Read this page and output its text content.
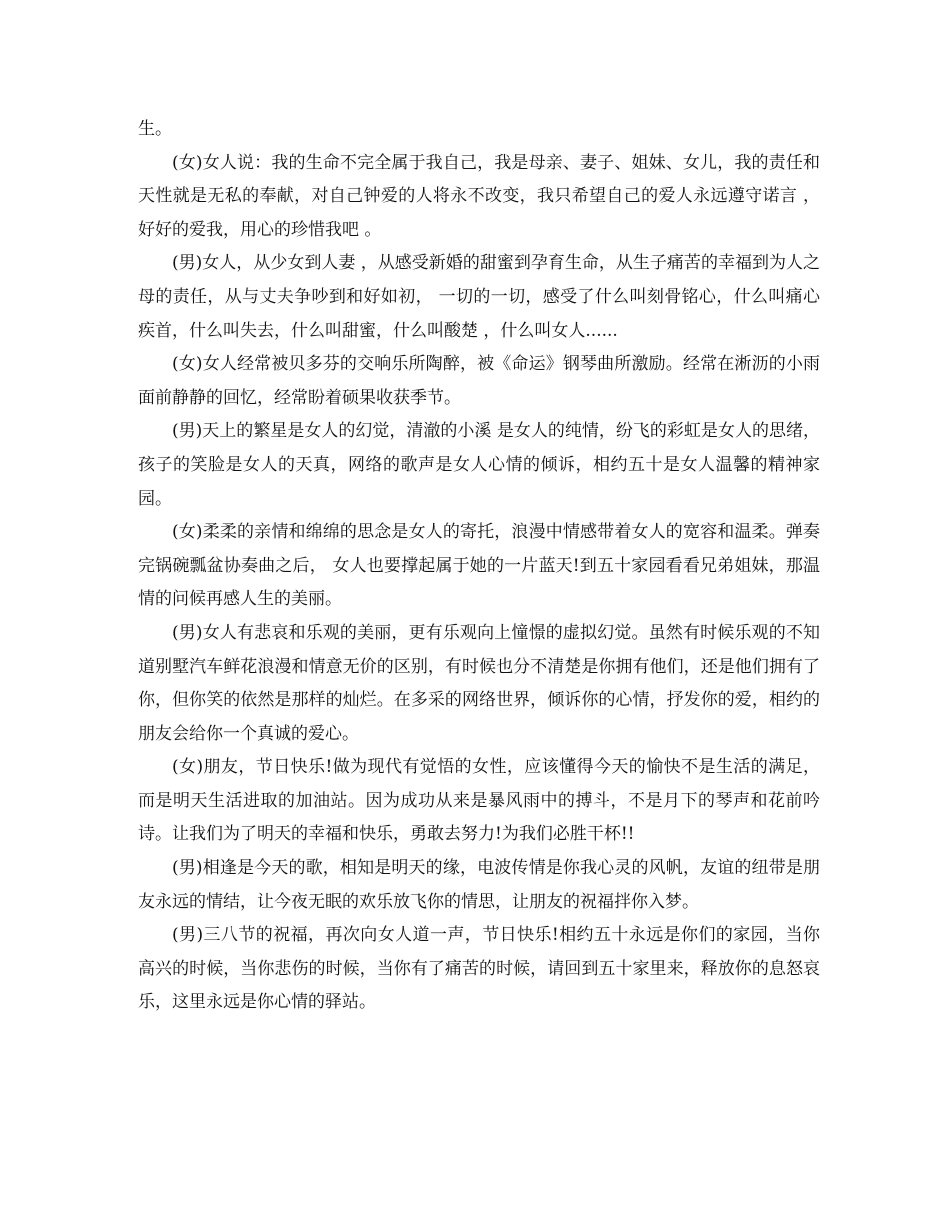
生。

(女)女人说：我的生命不完全属于我自己，我是母亲、妻子、姐妹、女儿，我的责任和天性就是无私的奉献，对自己钟爱的人将永不改变，我只希望自己的爱人永远遵守诺言 ，好好的爱我，用心的珍惜我吧 。

(男)女人，从少女到人妻 ，从感受新婚的甜蜜到孕育生命，从生子痛苦的幸福到为人之母的责任，从与丈夫争吵到和好如初， 一切的一切，感受了什么叫刻骨铭心，什么叫痛心疾首，什么叫失去，什么叫甜蜜，什么叫酸楚 ，什么叫女人......

(女)女人经常被贝多芬的交响乐所陶醉，被《命运》钢琴曲所激励。经常在淅沥的小雨面前静静的回忆，经常盼着硕果收获季节。

(男)天上的繁星是女人的幻觉，清澈的小溪 是女人的纯情，纷飞的彩虹是女人的思绪，孩子的笑脸是女人的天真，网络的歌声是女人心情的倾诉，相约五十是女人温馨的精神家园。

(女)柔柔的亲情和绵绵的思念是女人的寄托，浪漫中情感带着女人的宽容和温柔。弹奏完锅碗瓢盆协奏曲之后， 女人也要撑起属于她的一片蓝天!到五十家园看看兄弟姐妹，那温情的问候再感人生的美丽。

(男)女人有悲哀和乐观的美丽，更有乐观向上憧憬的虚拟幻觉。虽然有时候乐观的不知道别墅汽车鲜花浪漫和情意无价的区别，有时候也分不清楚是你拥有他们，还是他们拥有了你，但你笑的依然是那样的灿烂。在多采的网络世界，倾诉你的心情，抒发你的爱，相约的朋友会给你一个真诚的爱心。

(女)朋友，节日快乐!做为现代有觉悟的女性，应该懂得今天的愉快不是生活的满足，而是明天生活进取的加油站。因为成功从来是暴风雨中的搏斗，不是月下的琴声和花前吟诗。让我们为了明天的幸福和快乐，勇敢去努力!为我们必胜干杯!!

(男)相逢是今天的歌，相知是明天的缘，电波传情是你我心灵的风帆，友谊的纽带是朋友永远的情结，让今夜无眠的欢乐放飞你的情思，让朋友的祝福拌你入梦。

(男)三八节的祝福，再次向女人道一声，节日快乐!相约五十永远是你们的家园，当你高兴的时候，当你悲伤的时候，当你有了痛苦的时候，请回到五十家里来，释放你的息怒哀乐，这里永远是你心情的驿站。
